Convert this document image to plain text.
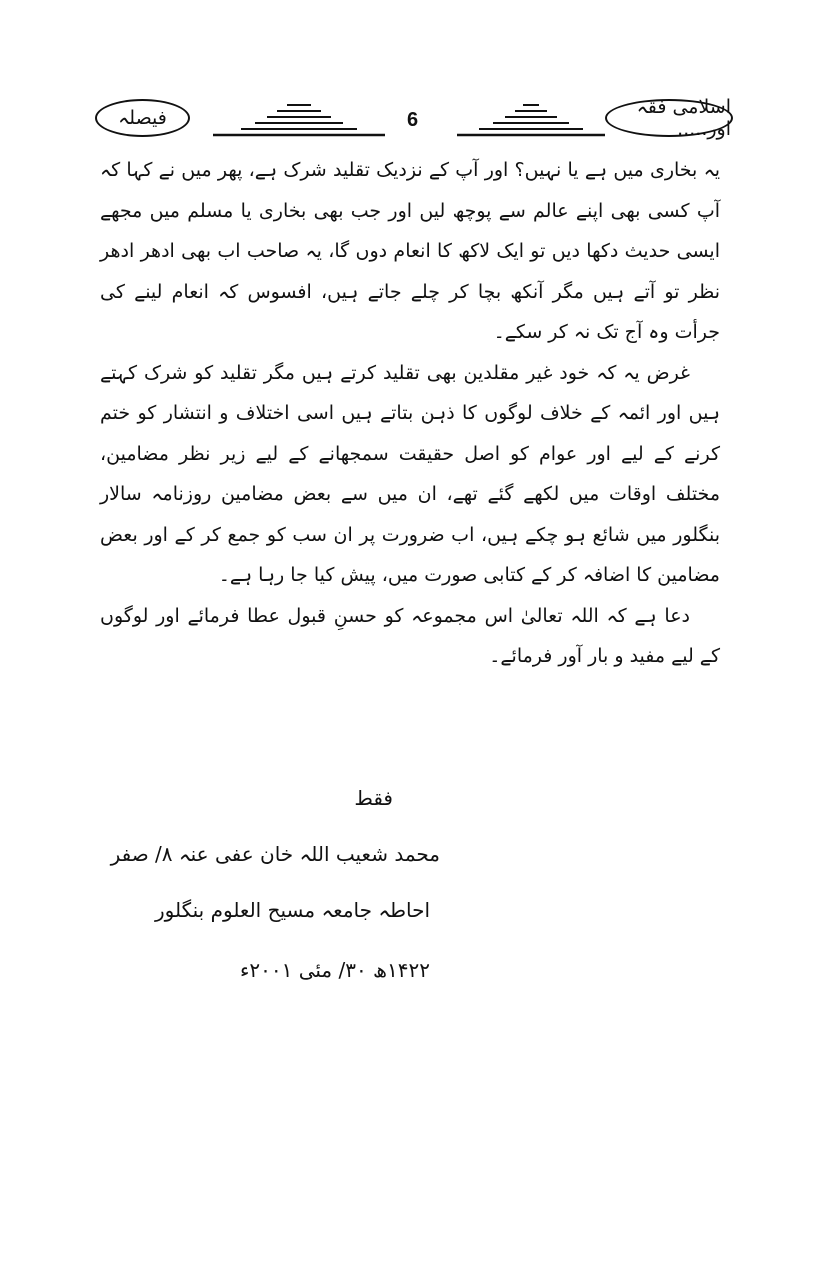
اسلامی فقہ اور.....
6
فیصلہ

یہ بخاری میں ہے یا نہیں؟ اور آپ کے نزدیک تقلید شرک ہے، پھر میں نے کہا کہ آپ کسی بھی اپنے عالم سے پوچھ لیں اور جب بھی بخاری یا مسلم میں مجھے ایسی حدیث دکھا دیں تو ایک لاکھ کا انعام دوں گا، یہ صاحب اب بھی ادھر ادھر نظر تو آتے ہیں مگر آنکھ بچا کر چلے جاتے ہیں، افسوس کہ انعام لینے کی جرأت وہ آج تک نہ کر سکے۔

غرض یہ کہ خود غیر مقلدین بھی تقلید کرتے ہیں مگر تقلید کو شرک کہتے ہیں اور ائمہ کے خلاف لوگوں کا ذہن بتاتے ہیں اسی اختلاف و انتشار کو ختم کرنے کے لیے اور عوام کو اصل حقیقت سمجھانے کے لیے زیر نظر مضامین، مختلف اوقات میں لکھے گئے تھے، ان میں سے بعض مضامین روزنامہ سالار بنگلور میں شائع ہو چکے ہیں، اب ضرورت پر ان سب کو جمع کر کے اور بعض مضامین کا اضافہ کر کے کتابی صورت میں، پیش کیا جا رہا ہے۔

دعا ہے کہ اللہ تعالیٰ اس مجموعہ کو حسنِ قبول عطا فرمائے اور لوگوں کے لیے مفید و بار آور فرمائے۔

فقط
محمد شعیب اللہ خان عفی عنہ ۸/ صفر
احاطہ جامعہ مسیح العلوم بنگلور
۱۴۲۲ھ ۳۰/ مئی ۲۰۰۱ء
